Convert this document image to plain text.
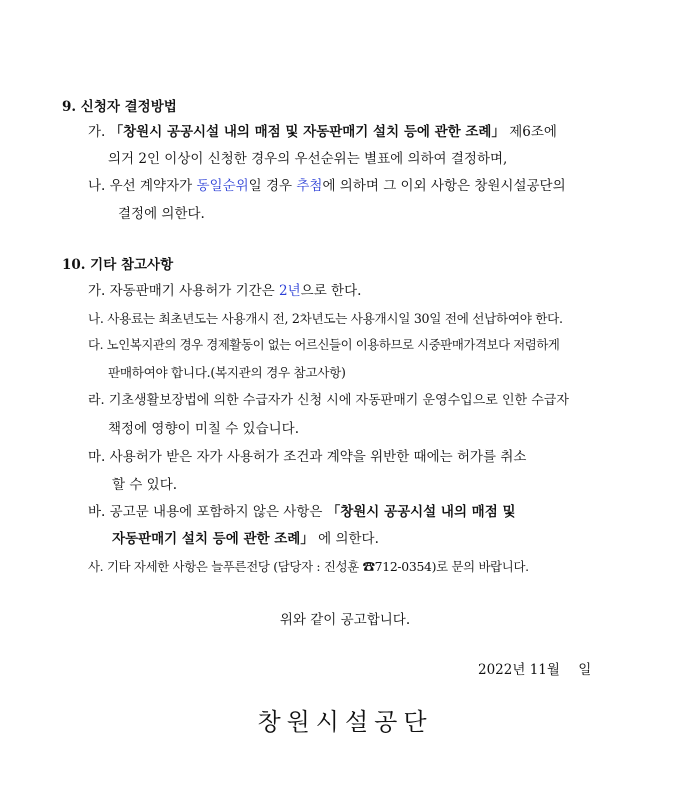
9. 신청자 결정방법
가. 「창원시 공공시설 내의 매점 및 자동판매기 설치 등에 관한 조례」 제6조에
의거 2인 이상이 신청한 경우의 우선순위는 별표에 의하여 결정하며,
나. 우선 계약자가 동일순위일 경우 추첨에 의하며 그 이외 사항은 창원시설공단의
결정에 의한다.
10. 기타 참고사항
가. 자동판매기 사용허가 기간은 2년으로 한다.
나. 사용료는 최초년도는 사용개시 전, 2차년도는 사용개시일 30일 전에 선납하여야 한다.
다. 노인복지관의 경우 경제활동이 없는 어르신들이 이용하므로 시중판매가격보다 저렴하게
판매하여야 합니다.(복지관의 경우 참고사항)
라. 기초생활보장법에 의한 수급자가 신청 시에 자동판매기 운영수입으로 인한 수급자
책정에 영향이 미칠 수 있습니다.
마. 사용허가 받은 자가 사용허가 조건과 계약을 위반한 때에는 허가를 취소
할 수 있다.
바. 공고문 내용에 포함하지 않은 사항은 「창원시 공공시설 내의 매점 및
자동판매기 설치 등에 관한 조례」 에 의한다.
사. 기타 자세한 사항은 늘푸른전당 (담당자 : 진성훈 ☎712-0354)로 문의 바랍니다.
위와 같이 공고합니다.
2022년 11월 일
창원시설공단
